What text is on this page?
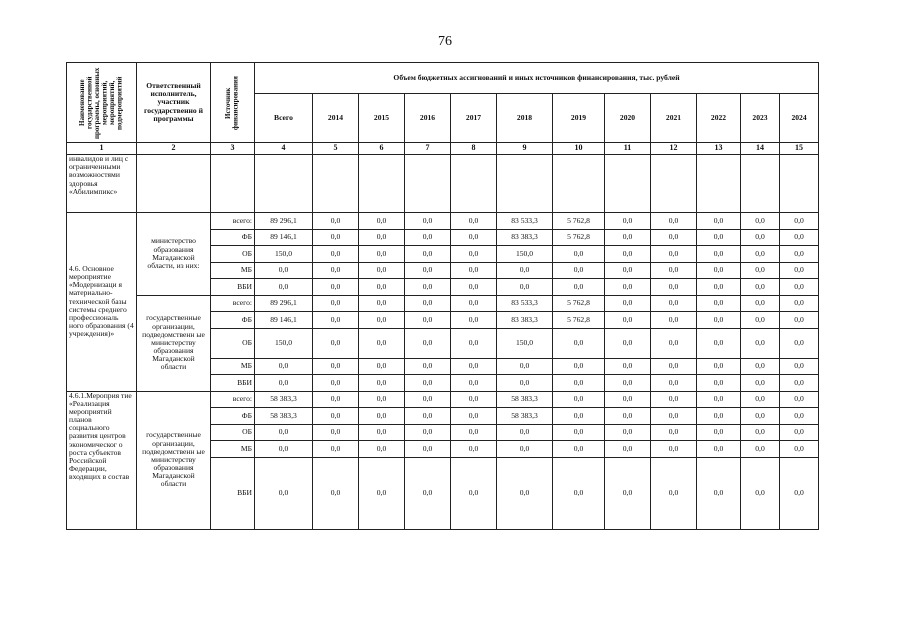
76
Наименование государственной программы, основных мероприятий, мероприятий, подмероприятий	Ответственный исполнитель, участник государственно й программы	Источник финансирования	Объем бюджетных ассигнований и иных источников финансирования, тыс. рублей											
			Всего	2014	2015	2016	2017	2018	2019	2020	2021	2022	2023	2024
1	2	3	4	5	6	7	8	9	10	11	12	13	14	15
инвалидов и лиц с ограниченными возможностями здоровья «Абилимпикс»														
4.6. Основное мероприятие «Модернизаци я материально-технической базы системы среднего профессиональ ного образования (4 учреждения)»	министерство образования Магаданской области, из них:	всего:	89 296,1	0,0	0,0	0,0	0,0	83 533,3	5 762,8	0,0	0,0	0,0	0,0	0,0
		ФБ	89 146,1	0,0	0,0	0,0	0,0	83 383,3	5 762,8	0,0	0,0	0,0	0,0	0,0
		ОБ	150,0	0,0	0,0	0,0	0,0	150,0	0,0	0,0	0,0	0,0	0,0	0,0
		МБ	0,0	0,0	0,0	0,0	0,0	0,0	0,0	0,0	0,0	0,0	0,0	0,0
		ВБИ	0,0	0,0	0,0	0,0	0,0	0,0	0,0	0,0	0,0	0,0	0,0	0,0
	государственные организации, подведомственн ые министерству образования Магаданской области	всего:	89 296,1	0,0	0,0	0,0	0,0	83 533,3	5 762,8	0,0	0,0	0,0	0,0	0,0
		ФБ	89 146,1	0,0	0,0	0,0	0,0	83 383,3	5 762,8	0,0	0,0	0,0	0,0	0,0
		ОБ	150,0	0,0	0,0	0,0	0,0	150,0	0,0	0,0	0,0	0,0	0,0	0,0
		МБ	0,0	0,0	0,0	0,0	0,0	0,0	0,0	0,0	0,0	0,0	0,0	0,0
		ВБИ	0,0	0,0	0,0	0,0	0,0	0,0	0,0	0,0	0,0	0,0	0,0	0,0
4.6.1.Мероприя тие «Реализация мероприятий планов социального развития центров экономическог о роста субъектов Российской Федерации, входящих в состав	государственные организации, подведомственн ые министерству образования Магаданской области	всего:	58 383,3	0,0	0,0	0,0	0,0	58 383,3	0,0	0,0	0,0	0,0	0,0	0,0
		ФБ	58 383,3	0,0	0,0	0,0	0,0	58 383,3	0,0	0,0	0,0	0,0	0,0	0,0
		ОБ	0,0	0,0	0,0	0,0	0,0	0,0	0,0	0,0	0,0	0,0	0,0	0,0
		МБ	0,0	0,0	0,0	0,0	0,0	0,0	0,0	0,0	0,0	0,0	0,0	0,0
		ВБИ	0,0	0,0	0,0	0,0	0,0	0,0	0,0	0,0	0,0	0,0	0,0	0,0
